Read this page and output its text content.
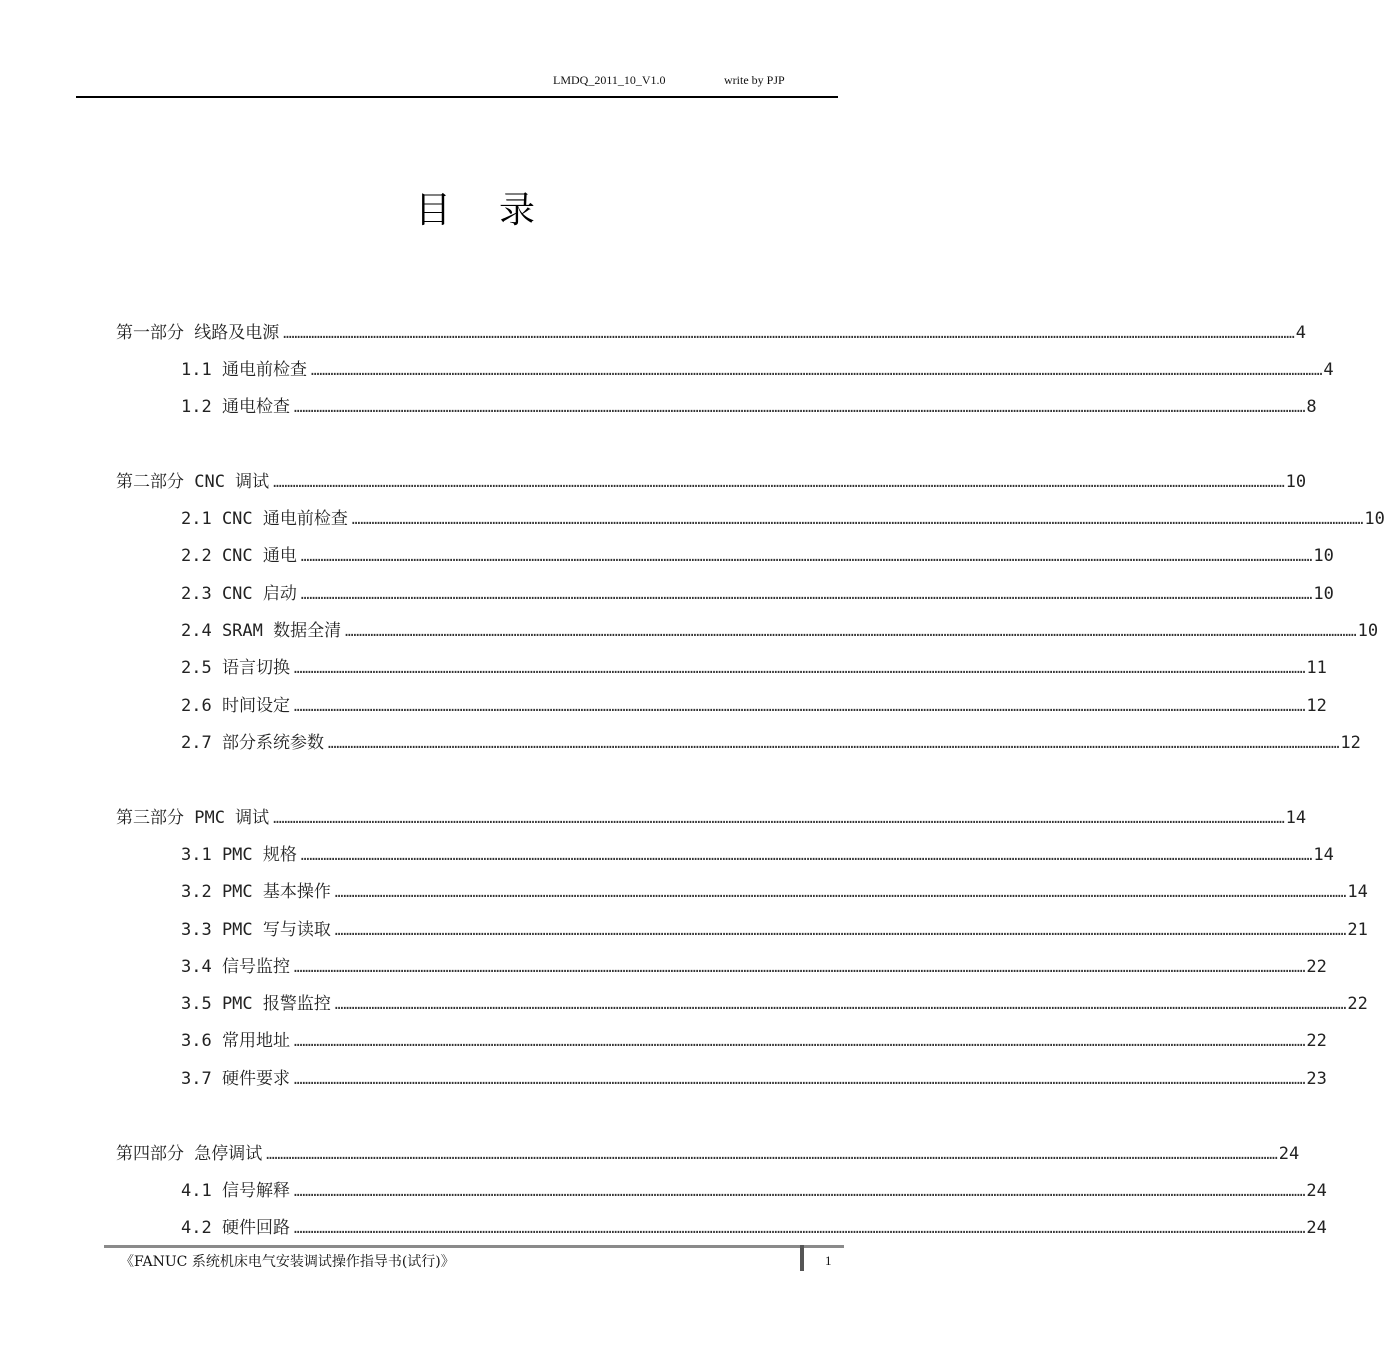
LMDQ_2011_10_V1.0	write by PJP
目录
第一部分 线路及电源 ……………………………………………………………………………………………………………………………………………………………………………………………………………………………………………………………………………………………………………………………… 4
1.1 通电前检查 ……………………………………………………………………………………………………………………………………………………………………………………………………………………………………………………………………………………………………………………………… 4
1.2 通电检查 ……………………………………………………………………………………………………………………………………………………………………………………………………………………………………………………………………………………………………………………………… 8
第二部分 CNC 调试 ……………………………………………………………………………………………………………………………………………………………………………………………………………………………………………………………………………………………………………………………… 10
2.1 CNC 通电前检查 ……………………………………………………………………………………………………………………………………………………………………………………………………………………………………………………………………………………………………………………………… 10
2.2 CNC 通电 ……………………………………………………………………………………………………………………………………………………………………………………………………………………………………………………………………………………………………………………………… 10
2.3 CNC 启动 ……………………………………………………………………………………………………………………………………………………………………………………………………………………………………………………………………………………………………………………………… 10
2.4 SRAM 数据全清 ……………………………………………………………………………………………………………………………………………………………………………………………………………………………………………………………………………………………………………………………… 10
2.5 语言切换 ……………………………………………………………………………………………………………………………………………………………………………………………………………………………………………………………………………………………………………………………… 11
2.6 时间设定 ……………………………………………………………………………………………………………………………………………………………………………………………………………………………………………………………………………………………………………………………… 12
2.7 部分系统参数 ……………………………………………………………………………………………………………………………………………………………………………………………………………………………………………………………………………………………………………………………… 12
第三部分 PMC 调试 ……………………………………………………………………………………………………………………………………………………………………………………………………………………………………………………………………………………………………………………………… 14
3.1 PMC 规格 ……………………………………………………………………………………………………………………………………………………………………………………………………………………………………………………………………………………………………………………………… 14
3.2 PMC 基本操作 ……………………………………………………………………………………………………………………………………………………………………………………………………………………………………………………………………………………………………………………………… 14
3.3 PMC 写与读取 ……………………………………………………………………………………………………………………………………………………………………………………………………………………………………………………………………………………………………………………………… 21
3.4 信号监控 ……………………………………………………………………………………………………………………………………………………………………………………………………………………………………………………………………………………………………………………………… 22
3.5 PMC 报警监控 ……………………………………………………………………………………………………………………………………………………………………………………………………………………………………………………………………………………………………………………………… 22
3.6 常用地址 ……………………………………………………………………………………………………………………………………………………………………………………………………………………………………………………………………………………………………………………………… 22
3.7 硬件要求 ……………………………………………………………………………………………………………………………………………………………………………………………………………………………………………………………………………………………………………………………… 23
第四部分 急停调试 ……………………………………………………………………………………………………………………………………………………………………………………………………………………………………………………………………………………………………………………………… 24
4.1 信号解释 ……………………………………………………………………………………………………………………………………………………………………………………………………………………………………………………………………………………………………………………………… 24
4.2 硬件回路 ……………………………………………………………………………………………………………………………………………………………………………………………………………………………………………………………………………………………………………………………… 24
《FANUC 系统机床电气安装调试操作指导书(试行)》	1
